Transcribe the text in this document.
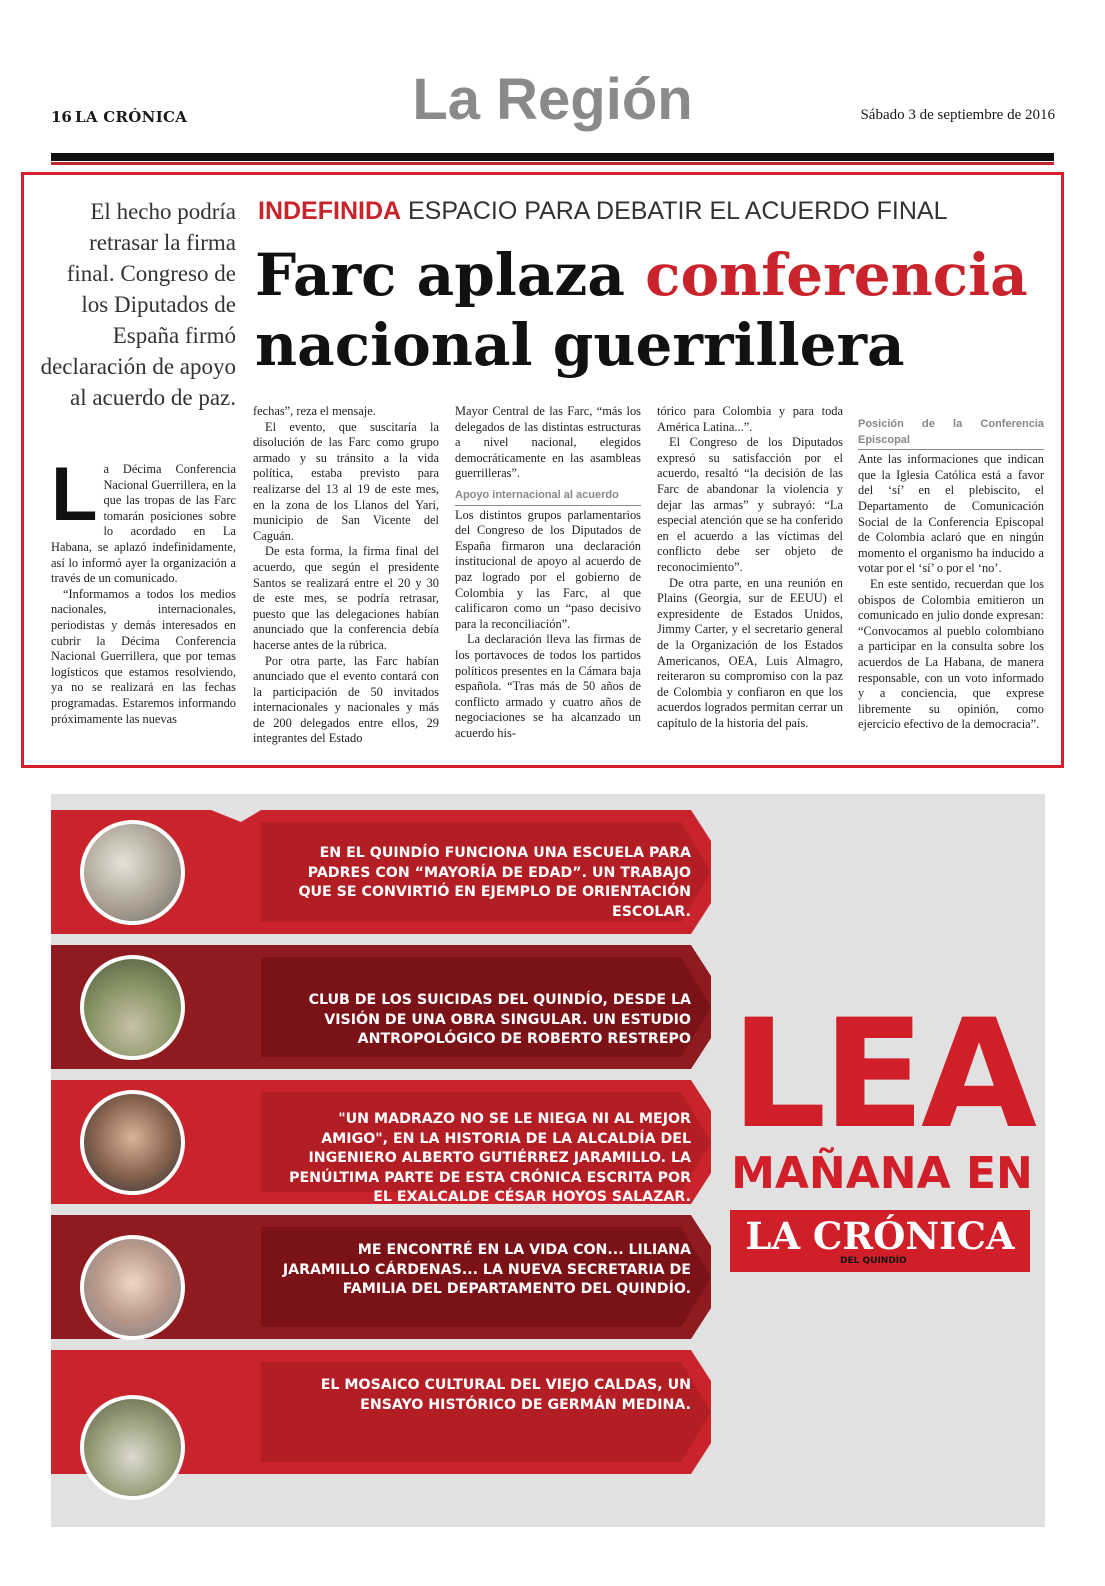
16 LA CRÓNICA	La Región	Sábado 3 de septiembre de 2016
El hecho podría retrasar la firma final. Congreso de los Diputados de España firmó declaración de apoyo al acuerdo de paz.
INDEFINIDA ESPACIO PARA DEBATIR EL ACUERDO FINAL
Farc aplaza conferencia nacional guerrillera
L a Décima Conferencia Nacional Guerrillera, en la que las tropas de las Farc tomarán posiciones sobre lo acordado en La Habana, se aplazó indefinidamente, así lo informó ayer la organización a través de un comunicado.

“Informamos a todos los medios nacionales, internacionales, periodistas y demás interesados en cubrir la Décima Conferencia Nacional Guerrillera, que por temas logísticos que estamos resolviendo, ya no se realizará en las fechas programadas. Estaremos informando próximamente las nuevas

fechas”, reza el mensaje.

El evento, que suscitaría la disolución de las Farc como grupo armado y su tránsito a la vida política, estaba previsto para realizarse del 13 al 19 de este mes, en la zona de los Llanos del Yari, municipio de San Vicente del Caguán.

De esta forma, la firma final del acuerdo, que según el presidente Santos se realizará entre el 20 y 30 de este mes, se podría retrasar, puesto que las delegaciones habían anunciado que la conferencia debía hacerse antes de la rúbrica.

Por otra parte, las Farc habían anunciado que el evento contará con la participación de 50 invitados internacionales y nacionales y más de 200 delegados entre ellos, 29 integrantes del Estado

Mayor Central de las Farc, “más los delegados de las distintas estructuras a nivel nacional, elegidos democráticamente en las asambleas guerrilleras”.

Apoyo internacional al acuerdo

Los distintos grupos parlamentarios del Congreso de los Diputados de España firmaron una declaración institucional de apoyo al acuerdo de paz logrado por el gobierno de Colombia y las Farc, al que calificaron como un “paso decisivo para la reconciliación”.

La declaración lleva las firmas de los portavoces de todos los partidos políticos presentes en la Cámara baja española. “Tras más de 50 años de conflicto armado y cuatro años de negociaciones se ha alcanzado un acuerdo his-

tórico para Colombia y para toda América Latina...”.

El Congreso de los Diputados expresó su satisfacción por el acuerdo, resaltó “la decisión de las Farc de abandonar la violencia y dejar las armas” y subrayó: “La especial atención que se ha conferido en el acuerdo a las víctimas del conflicto debe ser objeto de reconocimiento”.

De otra parte, en una reunión en Plains (Georgia, sur de EEUU) el expresidente de Estados Unidos, Jimmy Carter, y el secretario general de la Organización de los Estados Americanos, OEA, Luis Almagro, reiteraron su compromiso con la paz de Colombia y confiaron en que los acuerdos logrados permitan cerrar un capítulo de la historia del país.

Posición de la Conferencia Episcopal

Ante las informaciones que indican que la Iglesia Católica está a favor del ‘sí’ en el plebiscito, el Departamento de Comunicación Social de la Conferencia Episcopal de Colombia aclaró que en ningún momento el organismo ha inducido a votar por el ‘sí’ o por el ‘no’.

En este sentido, recuerdan que los obispos de Colombia emitieron un comunicado en julio donde expresan: “Convocamos al pueblo colombiano a participar en la consulta sobre los acuerdos de La Habana, de manera responsable, con un voto informado y a conciencia, que exprese libremente su opinión, como ejercicio efectivo de la democracia”.

EN EL QUINDÍO FUNCIONA UNA ESCUELA PARA PADRES CON “MAYORÍA DE EDAD”. UN TRABAJO QUE SE CONVIRTIÓ EN EJEMPLO DE ORIENTACIÓN ESCOLAR.
CLUB DE LOS SUICIDAS DEL QUINDÍO, DESDE LA VISIÓN DE UNA OBRA SINGULAR. UN ESTUDIO ANTROPOLÓGICO DE ROBERTO RESTREPO
"UN MADRAZO NO SE LE NIEGA NI AL MEJOR AMIGO", EN LA HISTORIA DE LA ALCALDÍA DEL INGENIERO ALBERTO GUTIÉRREZ JARAMILLO. LA PENÚLTIMA PARTE DE ESTA CRÓNICA ESCRITA POR EL EXALCALDE CÉSAR HOYOS SALAZAR.
ME ENCONTRÉ EN LA VIDA CON... LILIANA JARAMILLO CÁRDENAS... LA NUEVA SECRETARIA DE FAMILIA DEL DEPARTAMENTO DEL QUINDÍO.
EL MOSAICO CULTURAL DEL VIEJO CALDAS, UN ENSAYO HISTÓRICO DE GERMÁN MEDINA.
LEA
MAÑANA EN
LA CRÓNICA
DEL QUINDÍO
